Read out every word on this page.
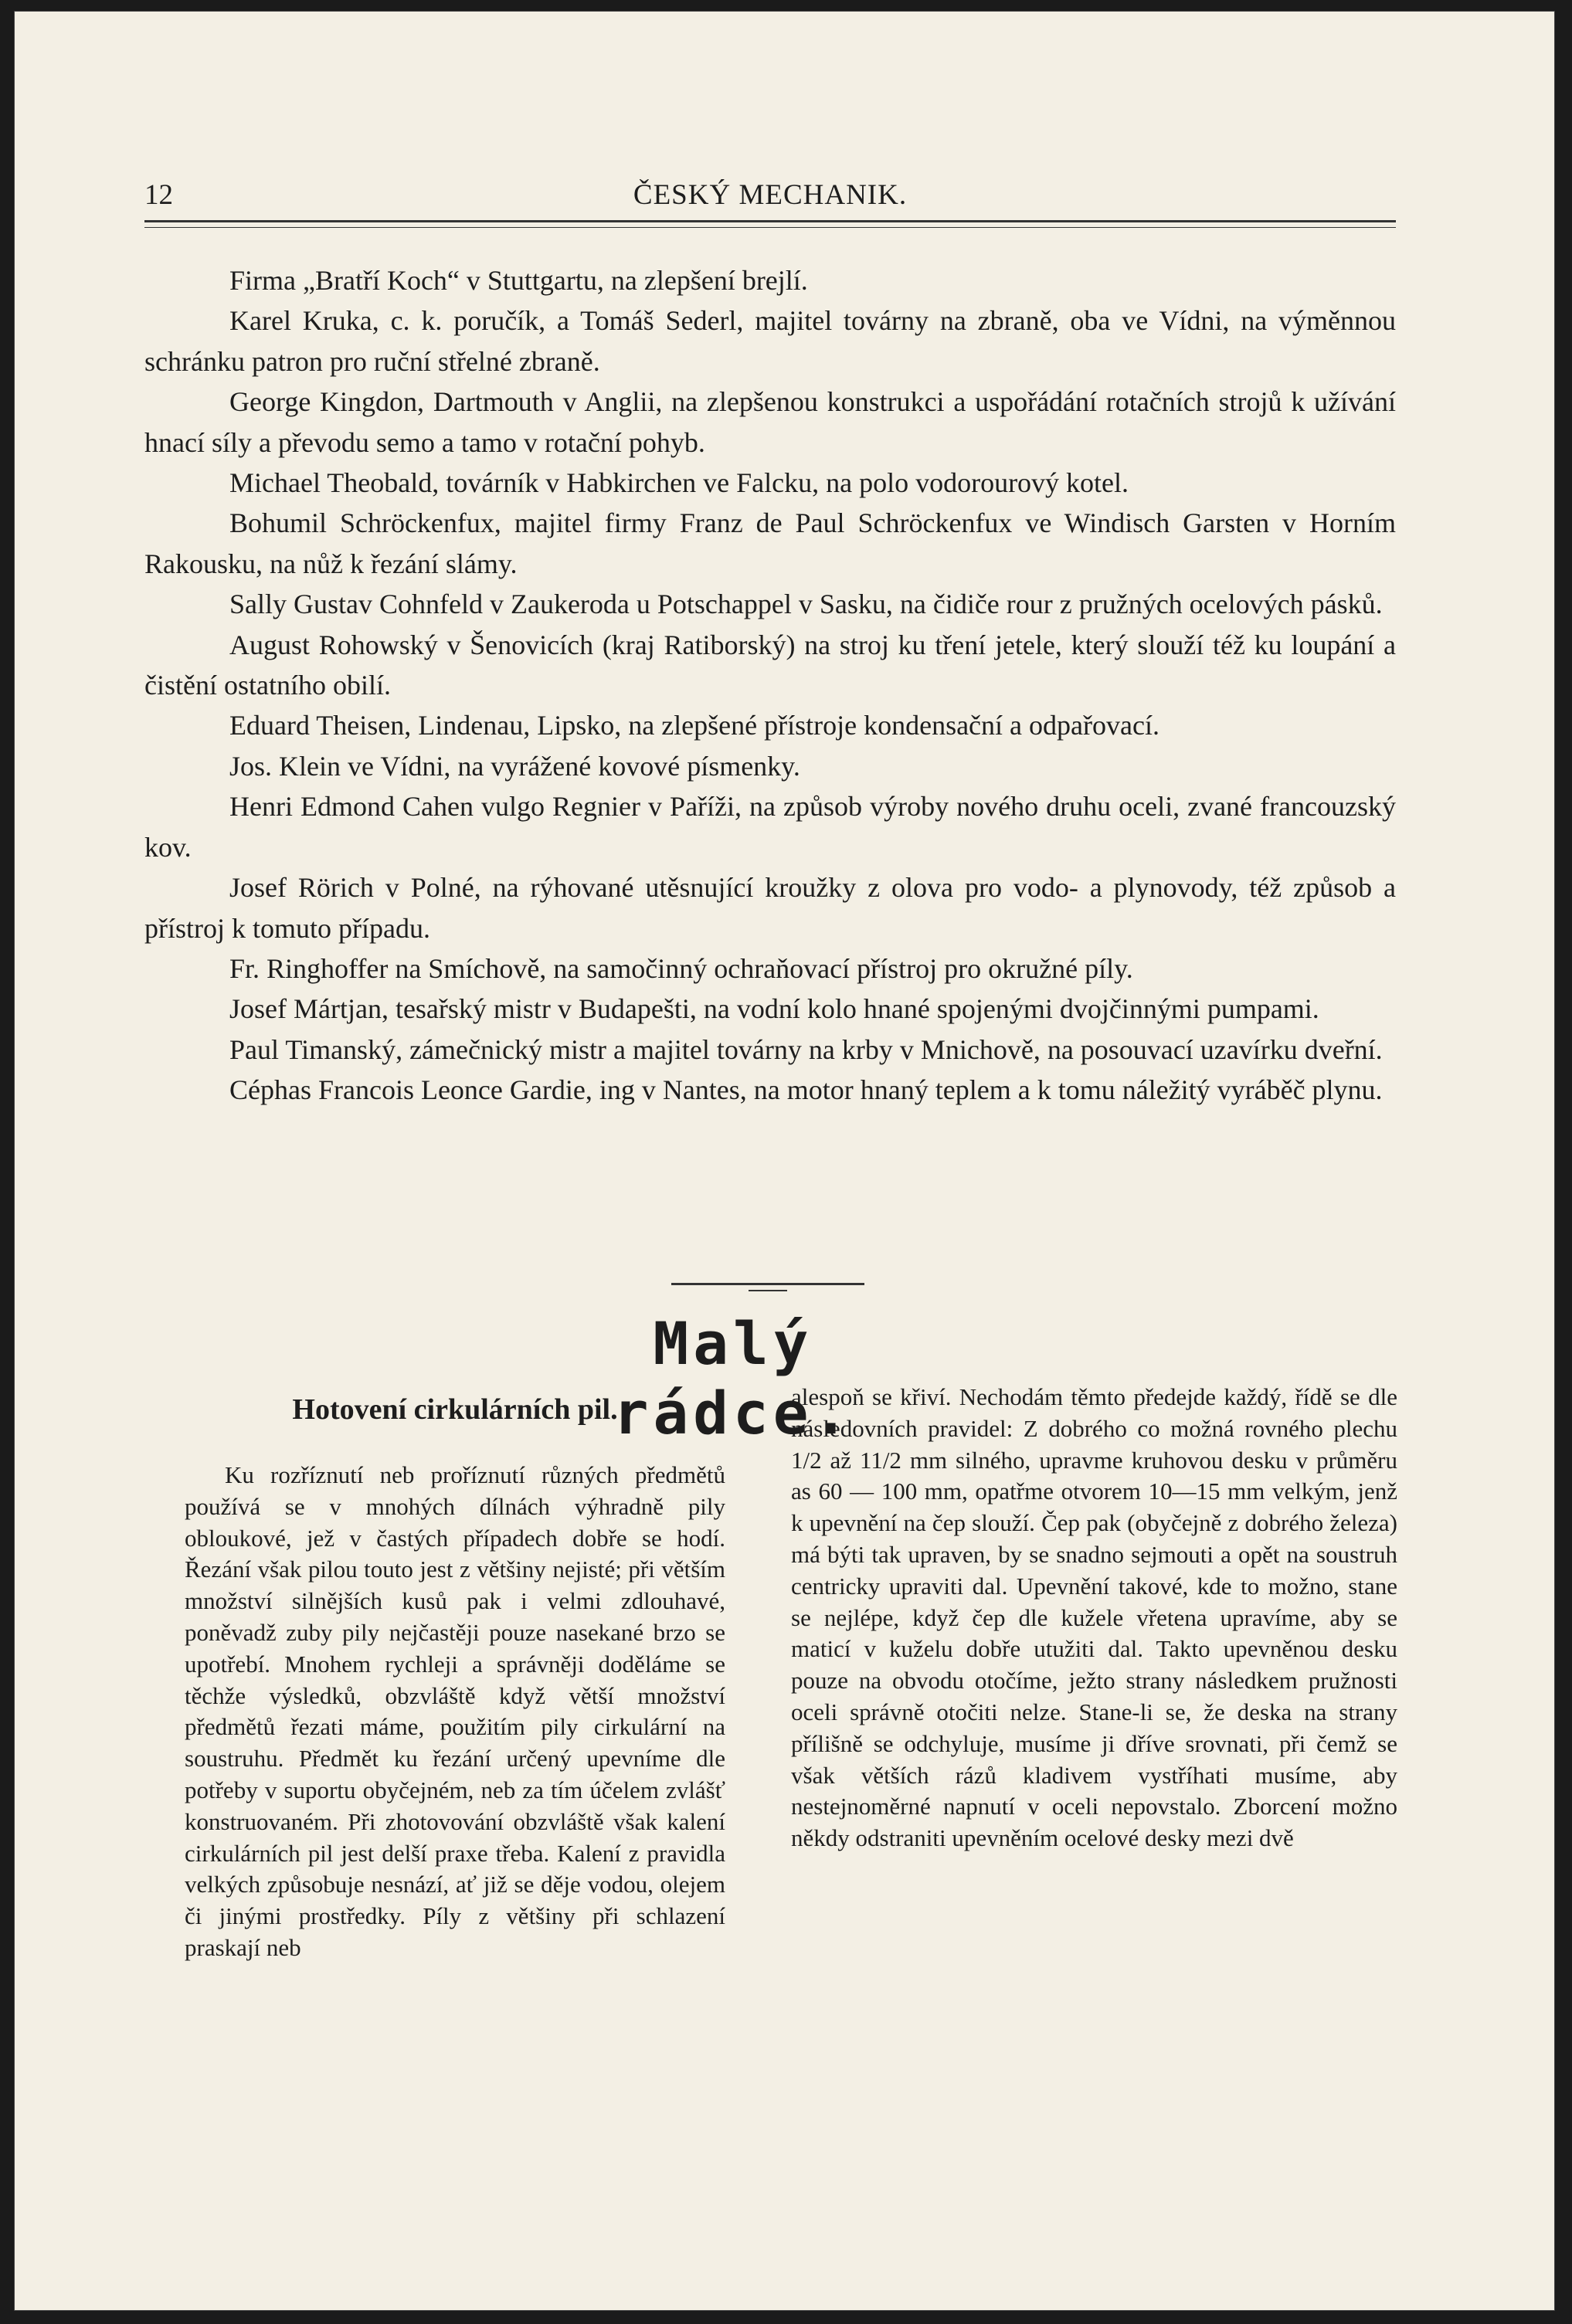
12	ČESKÝ MECHANIK.

Firma „Bratří Koch“ v Stuttgartu, na zlepšení brejlí.

Karel Kruka, c. k. poručík, a Tomáš Sederl, majitel továrny na zbraně, oba ve Vídni, na výměnnou schránku patron pro ruční střelné zbraně.

George Kingdon, Dartmouth v Anglii, na zlepšenou konstrukci a uspořádání rotačních strojů k užívání hnací síly a převodu semo a tamo v rotační pohyb.

Michael Theobald, továrník v Habkirchen ve Falcku, na polo vodorourový kotel.

Bohumil Schröckenfux, majitel firmy Franz de Paul Schröckenfux ve Windisch Garsten v Horním Rakousku, na nůž k řezání slámy.

Sally Gustav Cohnfeld v Zaukeroda u Potschappel v Sasku, na čidiče rour z pružných ocelových pásků.

August Rohowský v Šenovicích (kraj Ratiborský) na stroj ku tření jetele, který slouží též ku loupání a čistění ostatního obilí.

Eduard Theisen, Lindenau, Lipsko, na zlepšené přístroje kondensační a odpařovací.

Jos. Klein ve Vídni, na vyrážené kovové písmenky.

Henri Edmond Cahen vulgo Regnier v Paříži, na způsob výroby nového druhu oceli, zvané francouzský kov.

Josef Rörich v Polné, na rýhované utěsnující kroužky z olova pro vodo- a plynovody, též způsob a přístroj k tomuto případu.

Fr. Ringhoffer na Smíchově, na samočinný ochraňovací přístroj pro okružné píly.

Josef Mártjan, tesařský mistr v Budapešti, na vodní kolo hnané spojenými dvojčinnými pumpami.

Paul Timanský, zámečnický mistr a majitel továrny na krby v Mnichově, na posouvací uzavírku dveřní.

Céphas Francois Leonce Gardie, ing v Nantes, na motor hnaný teplem a k tomu náležitý vyráběč plynu.

Malý rádce.
Hotovení cirkulárních pil.

Ku rozříznutí neb proříznutí různých předmětů používá se v mnohých dílnách výhradně pily obloukové, jež v častých případech dobře se hodí. Řezání však pilou touto jest z většiny nejisté; při větším množství silnějších kusů pak i velmi zdlouhavé, poněvadž zuby pily nejčastěji pouze nasekané brzo se upotřebí. Mnohem rychleji a správněji doděláme se těchže výsledků, obzvláště když větší množství předmětů řezati máme, použitím pily cirkulární na soustruhu. Předmět ku řezání určený upevníme dle potřeby v suportu obyčejném, neb za tím účelem zvlášť konstruovaném. Při zhotovování obzvláště však kalení cirkulárních pil jest delší praxe třeba. Kalení z pravidla velkých způsobuje nesnází, ať již se děje vodou, olejem či jinými prostředky. Píly z většiny při schlazení praskají neb

alespoň se křiví. Nechodám těmto předejde každý, řídě se dle následovních pravidel: Z dobrého co možná rovného plechu 1/2 až 11/2 mm silného, upravme kruhovou desku v průměru as 60 — 100 mm, opatřme otvorem 10—15 mm velkým, jenž k upevnění na čep slouží. Čep pak (obyčejně z dobrého železa) má býti tak upraven, by se snadno sejmouti a opět na soustruh centricky upraviti dal. Upevnění takové, kde to možno, stane se nejlépe, když čep dle kužele vřetena upravíme, aby se maticí v kuželu dobře utužiti dal. Takto upevněnou desku pouze na obvodu otočíme, ježto strany následkem pružnosti oceli správně otočiti nelze. Stane-li se, že deska na strany přílišně se odchyluje, musíme ji dříve srovnati, při čemž se však větších rázů kladivem vystříhati musíme, aby nestejnoměrné napnutí v oceli nepovstalo. Zborcení možno někdy odstraniti upevněním ocelové desky mezi dvě
